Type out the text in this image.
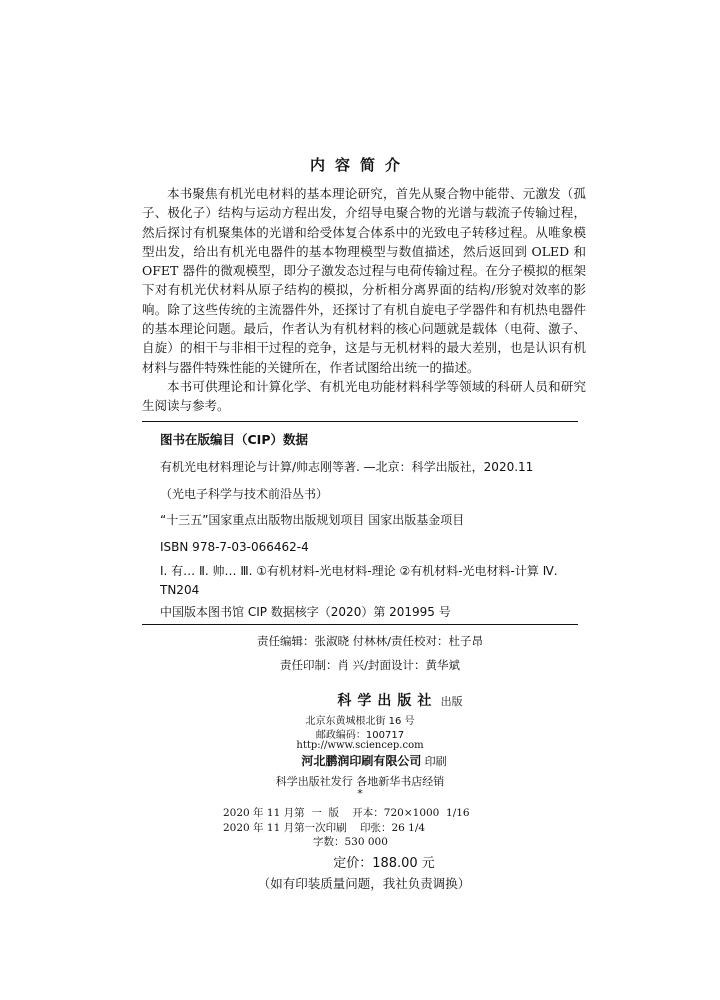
内容简介

本书聚焦有机光电材料的基本理论研究，首先从聚合物中能带、元激发（孤子、极化子）结构与运动方程出发，介绍导电聚合物的光谱与载流子传输过程，然后探讨有机聚集体的光谱和给受体复合体系中的光致电子转移过程。从唯象模型出发，给出有机光电器件的基本物理模型与数值描述，然后返回到 OLED 和 OFET 器件的微观模型，即分子激发态过程与电荷传输过程。在分子模拟的框架下对有机光伏材料从原子结构的模拟，分析相分离界面的结构/形貌对效率的影响。除了这些传统的主流器件外，还探讨了有机自旋电子学器件和有机热电器件的基本理论问题。最后，作者认为有机材料的核心问题就是载体（电荷、激子、自旋）的相干与非相干过程的竞争，这是与无机材料的最大差别，也是认识有机材料与器件特殊性能的关键所在，作者试图给出统一的描述。

本书可供理论和计算化学、有机光电功能材料科学等领域的科研人员和研究生阅读与参考。

图书在版编目（CIP）数据
有机光电材料理论与计算/帅志刚等著. —北京：科学出版社，2020.11
（光电子科学与技术前沿丛书）
“十三五”国家重点出版物出版规划项目 国家出版基金项目
ISBN 978-7-03-066462-4
Ⅰ. 有… Ⅱ. 帅… Ⅲ. ①有机材料-光电材料-理论 ②有机材料-光电材料-计算 Ⅳ. TN204
中国版本图书馆 CIP 数据核字（2020）第 201995 号
责任编辑：张淑晓 付林林/责任校对：杜子昂
责任印制：肖 兴/封面设计：黄华斌
科学出版社 出版
北京东黄城根北街 16 号
邮政编码：100717
http://www.sciencep.com
河北鹏润印刷有限公司 印刷
科学出版社发行 各地新华书店经销
*
2020 年 11 月第  一  版    开本：720×1000  1/16
2020 年 11 月第一次印刷    印张：26 1/4
字数：530 000
定价：188.00 元
（如有印装质量问题，我社负责调换）
